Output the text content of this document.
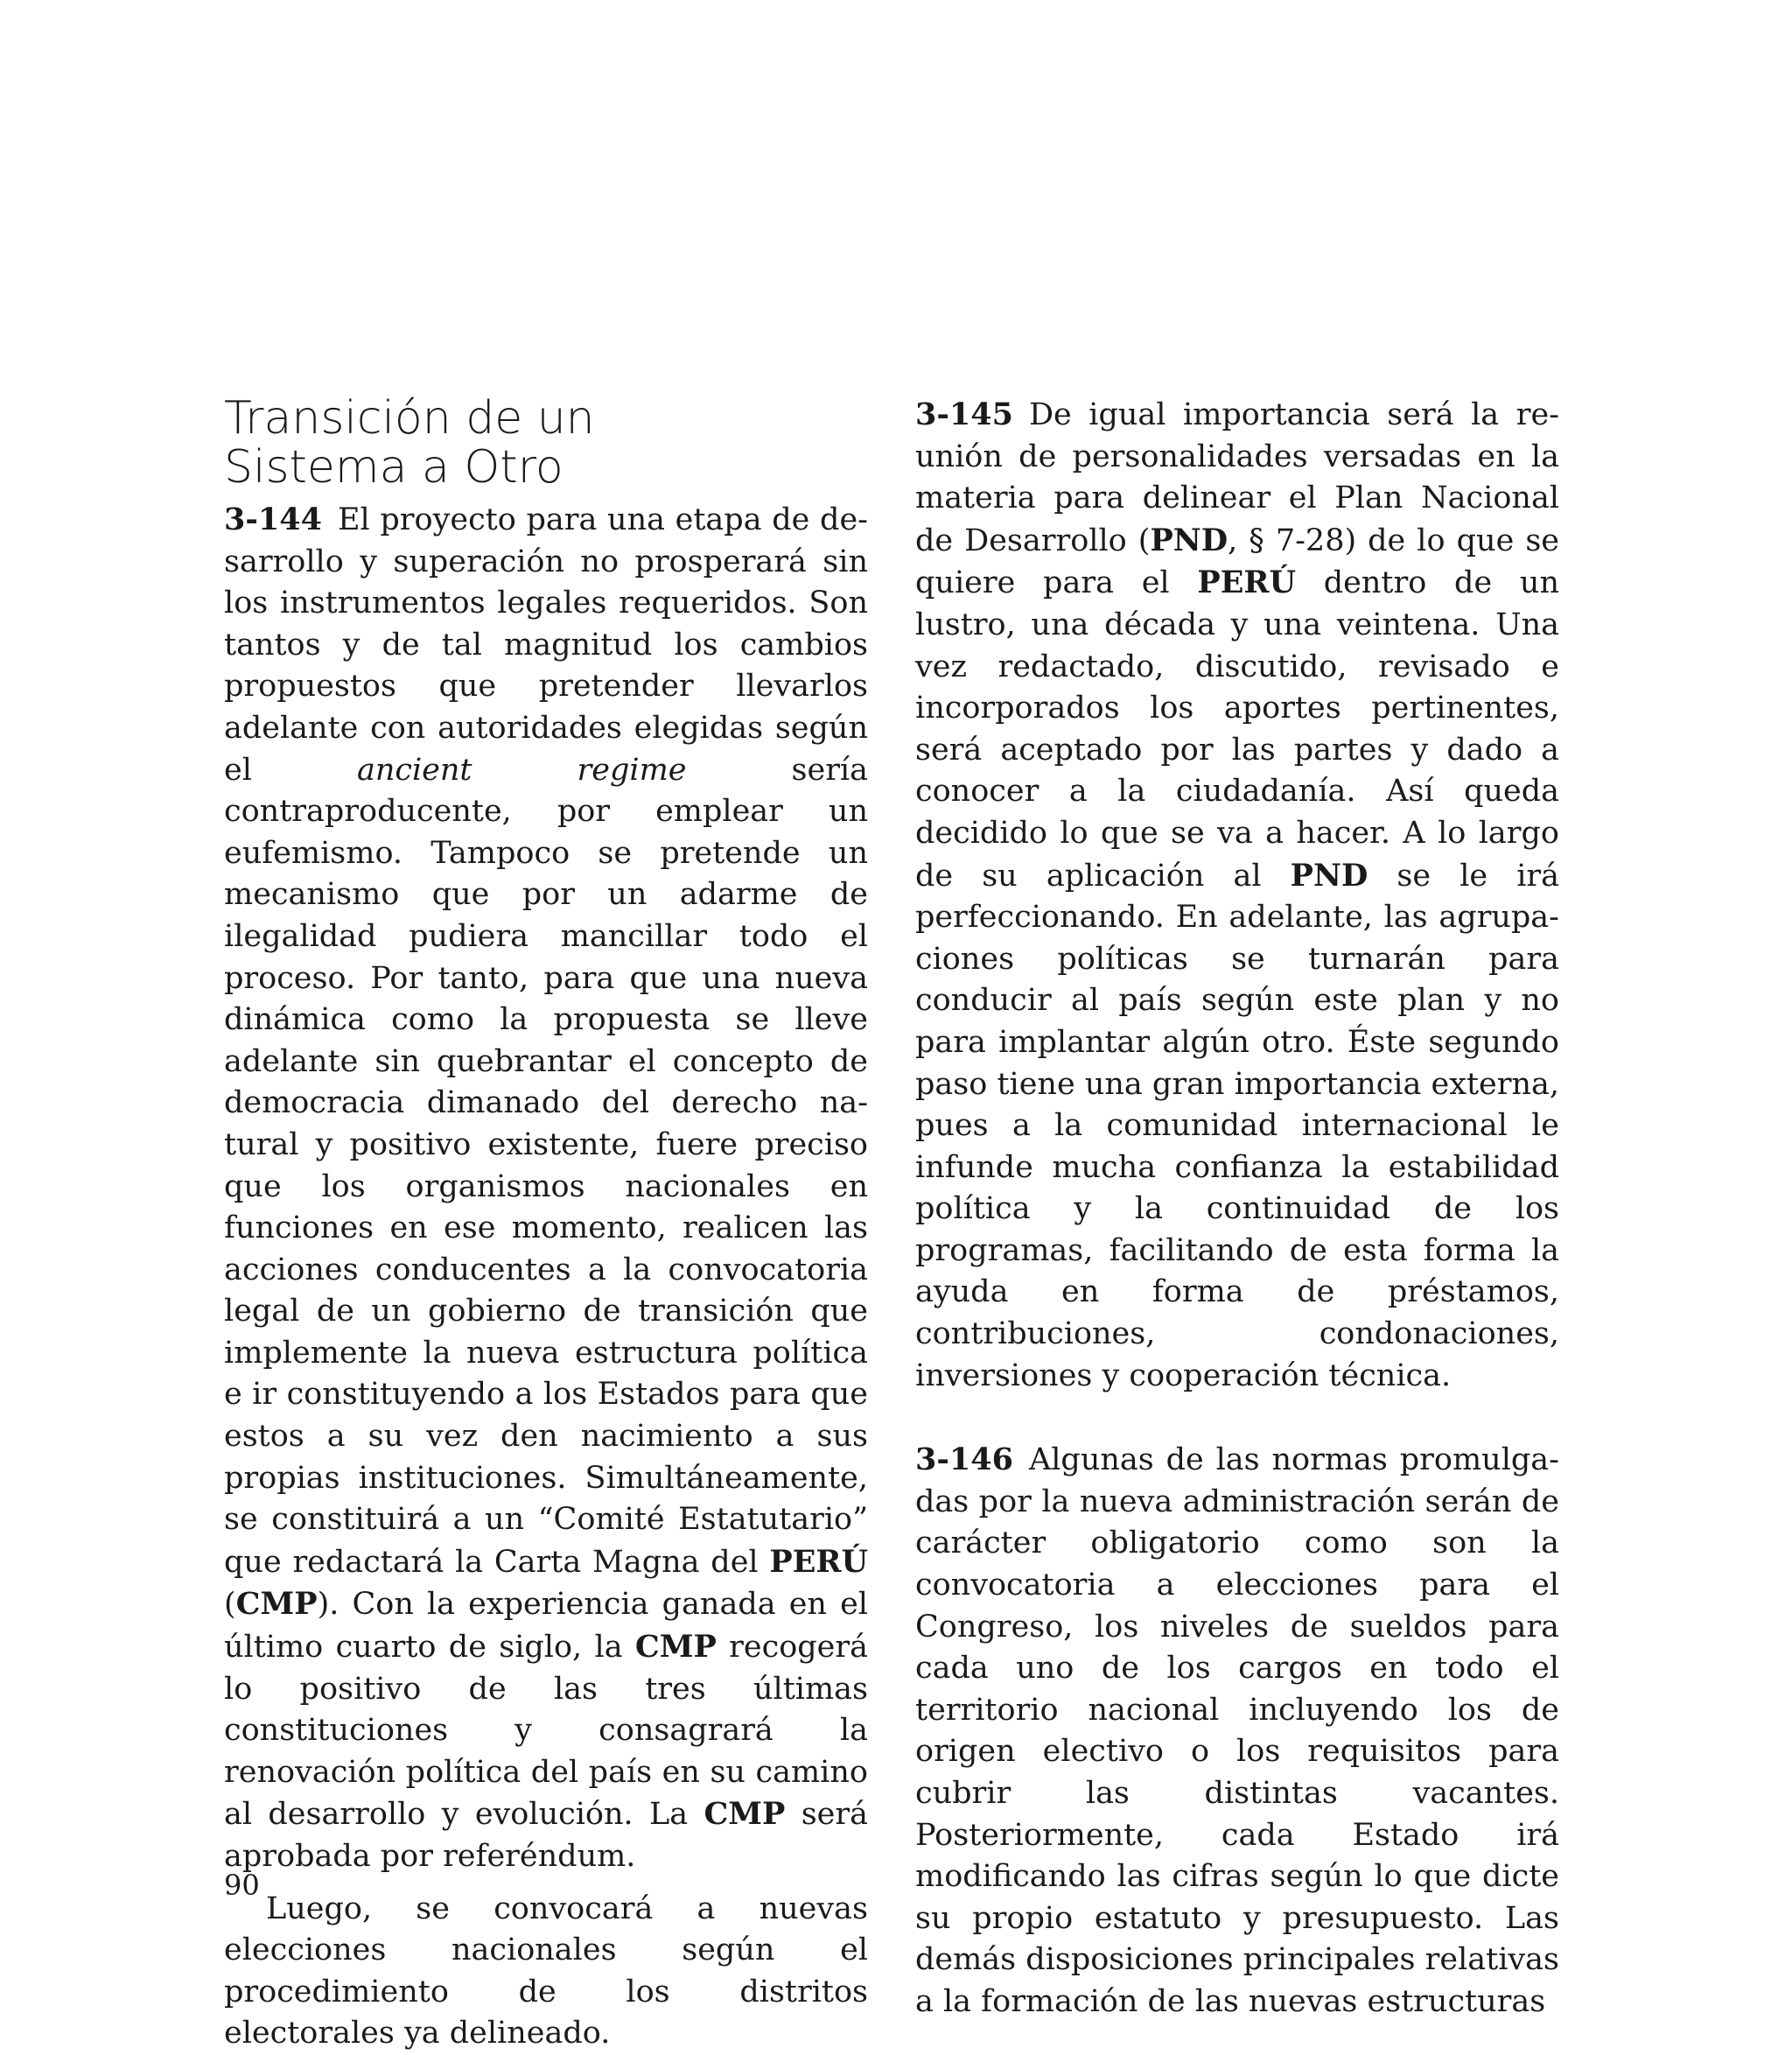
Transición de un
Sistema a Otro

3-144 El proyecto para una etapa de desarrollo y superación no prosperará sin los instrumentos legales requeridos. Son tantos y de tal magnitud los cambios propuestos que pretender llevarlos adelante con autoridades elegidas según el ancient regime sería contraproducente, por emplear un eufemismo. Tampoco se pretende un mecanismo que por un adarme de ilegalidad pudiera mancillar todo el proceso. Por tanto, para que una nueva dinámica como la propuesta se lleve adelante sin quebrantar el concepto de democracia dimanado del derecho natural y positivo existente, fuere preciso que los organismos nacionales en funciones en ese momento, realicen las acciones conducentes a la convocatoria legal de un gobierno de transición que implemente la nueva estructura política e ir constituyendo a los Estados para que estos a su vez den nacimiento a sus propias instituciones. Simultáneamente, se constituirá a un “Comité Estatutario” que redactará la Carta Magna del PERÚ (CMP). Con la experiencia ganada en el último cuarto de siglo, la CMP recogerá lo positivo de las tres últimas constituciones y consagrará la renovación política del país en su camino al desarrollo y evolución. La CMP será aprobada por referéndum.

Luego, se convocará a nuevas elecciones nacionales según el procedimiento de los distritos electorales ya delineado.

3-145 De igual importancia será la reunión de personalidades versadas en la materia para delinear el Plan Nacional de Desarrollo (PND, § 7-28) de lo que se quiere para el PERÚ dentro de un lustro, una década y una veintena. Una vez redactado, discutido, revisado e incorporados los aportes pertinentes, será aceptado por las partes y dado a conocer a la ciudadanía. Así queda decidido lo que se va a hacer. A lo largo de su aplicación al PND se le irá perfeccionando. En adelante, las agrupaciones políticas se turnarán para conducir al país según este plan y no para implantar algún otro. Éste segundo paso tiene una gran importancia externa, pues a la comunidad internacional le infunde mucha confianza la estabilidad política y la continuidad de los programas, facilitando de esta forma la ayuda en forma de préstamos, contribuciones, condonaciones, inversiones y cooperación técnica.

3-146 Algunas de las normas promulgadas por la nueva administración serán de carácter obligatorio como son la convocatoria a elecciones para el Congreso, los niveles de sueldos para cada uno de los cargos en todo el territorio nacional incluyendo los de origen electivo o los requisitos para cubrir las distintas vacantes. Posteriormente, cada Estado irá modificando las cifras según lo que dicte su propio estatuto y presupuesto. Las demás disposiciones principales relativas a la formación de las nuevas estructuras

90
